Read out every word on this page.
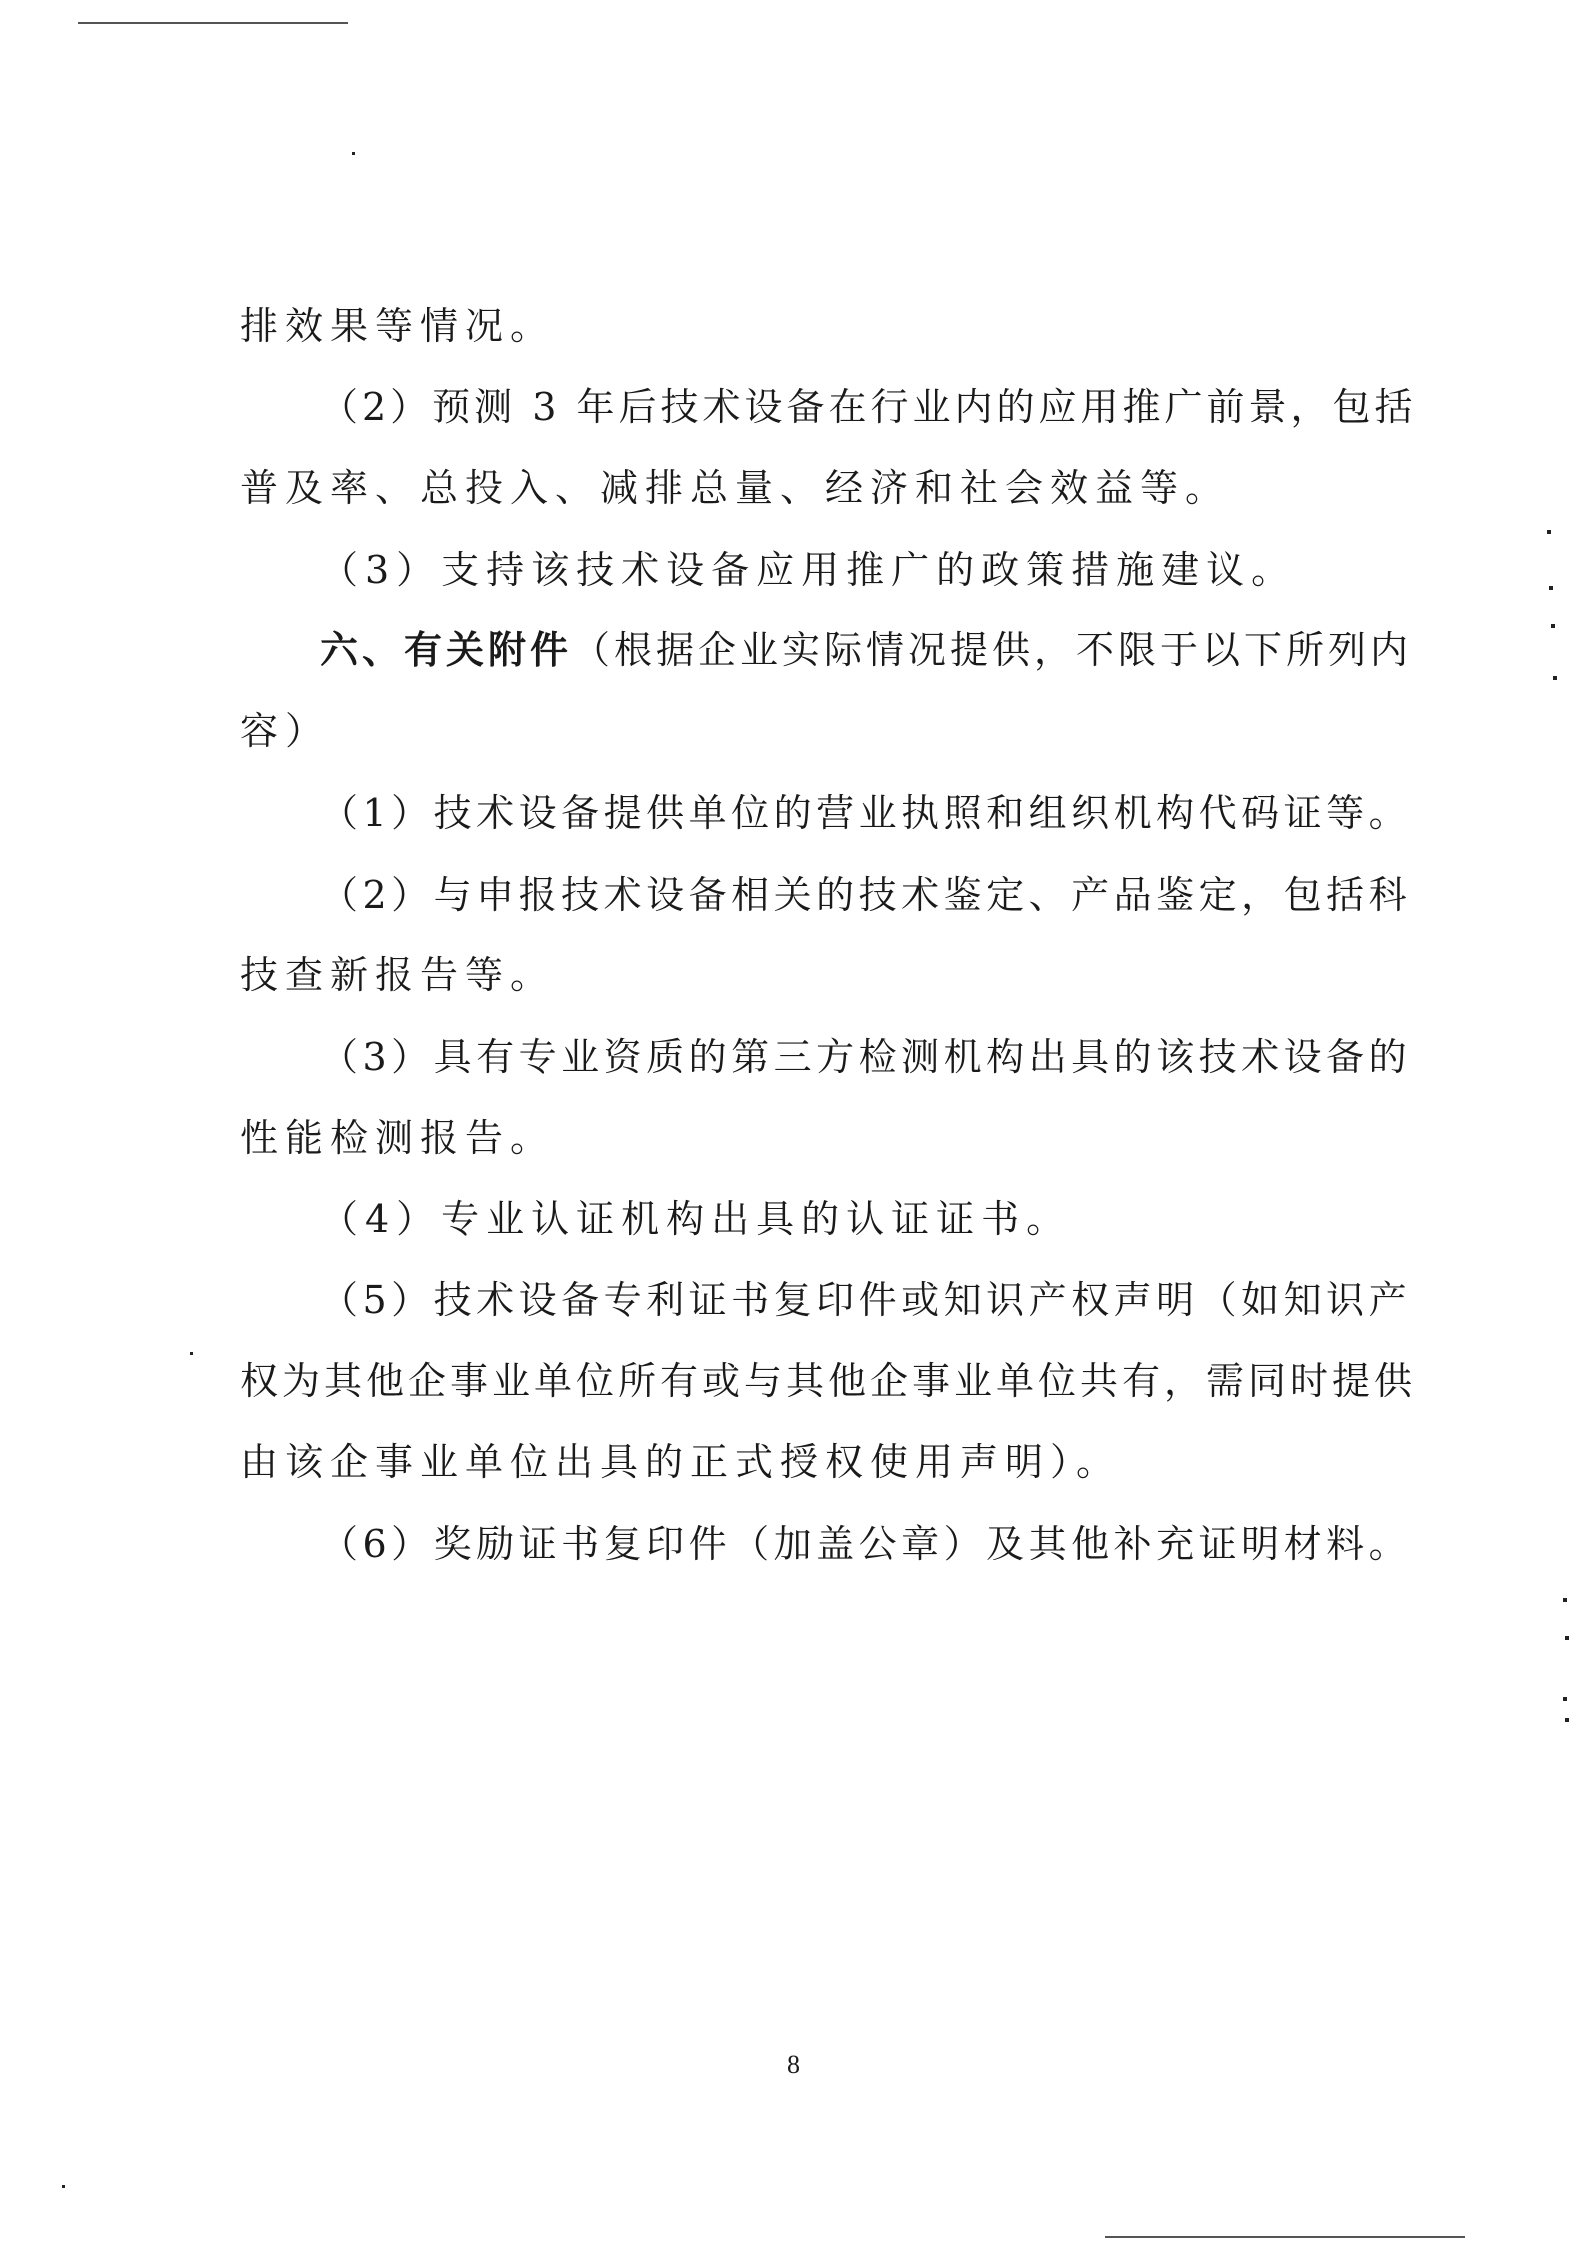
排效果等情况。
（2）预测 3 年后技术设备在行业内的应用推广前景，包括
普及率、总投入、减排总量、经济和社会效益等。
（3）支持该技术设备应用推广的政策措施建议。
六、有关附件（根据企业实际情况提供，不限于以下所列内
容）
（1）技术设备提供单位的营业执照和组织机构代码证等。
（2）与申报技术设备相关的技术鉴定、产品鉴定，包括科
技查新报告等。
（3）具有专业资质的第三方检测机构出具的该技术设备的
性能检测报告。
（4）专业认证机构出具的认证证书。
（5）技术设备专利证书复印件或知识产权声明（如知识产
权为其他企事业单位所有或与其他企事业单位共有，需同时提供
由该企事业单位出具的正式授权使用声明）。
（6）奖励证书复印件（加盖公章）及其他补充证明材料。
8
